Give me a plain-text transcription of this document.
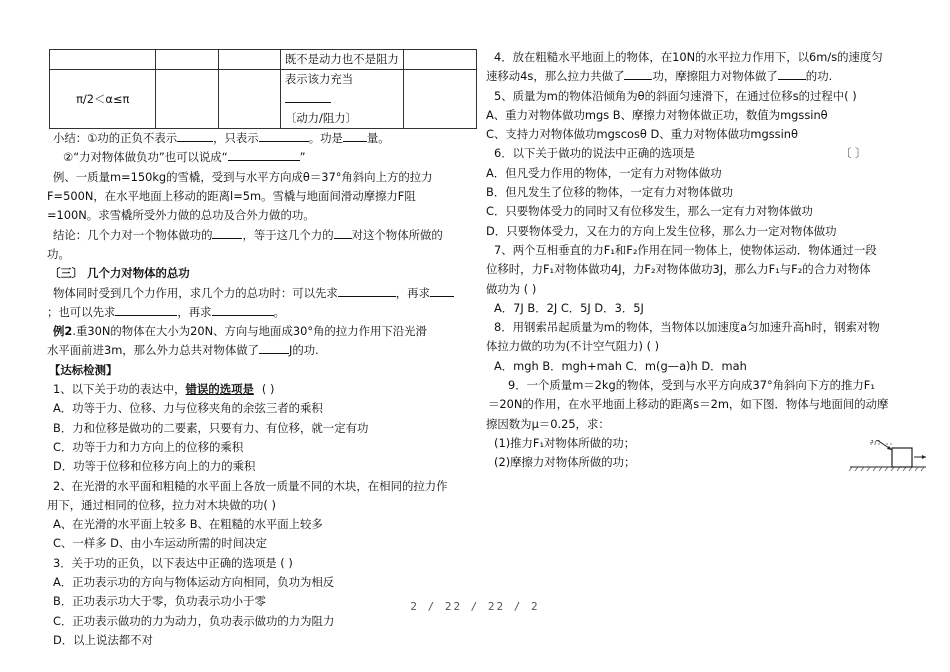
			既不是动力也不是阻力	
π/2＜α≤π			表示该力充当
〔动力/阻力〕	

小结：①功的正负不表示	，只表示	。功是 量。
②“力对物体做负功”也可以说成“	”
例、一质量m=150kg的雪橇，受到与水平方向成θ＝37°角斜向上方的拉力
F=500N，在水平地面上移动的距离l=5m。雪橇与地面间滑动摩擦力F阻
=100N。求雪橇所受外力做的总功及合外力做的功。
结论：几个力对一个物体做功的	，等于这几个力的 对这个物体所做的
功。
〔三〕 几个力对物体的总功
物体同时受到几个力作用，求几个力的总功时：可以先求	，再求
；也可以先求	，再求	。
例2.重30N的物体在大小为20N、方向与地面成30°角的拉力作用下沿光滑
水平面前进3m，那么外力总共对物体做了	J的功.
【达标检测】
1、以下关于功的表达中，错误的选项是 ( )
A．功等于力、位移、力与位移夹角的余弦三者的乘积
B．力和位移是做功的二要素，只要有力、有位移，就一定有功
C．功等于力和力方向上的位移的乘积
D．功等于位移和位移方向上的力的乘积
2、在光滑的水平面和粗糙的水平面上各放一质量不同的木块，在相同的拉力作
用下，通过相同的位移，拉力对木块做的功( )
A、在光滑的水平面上较多 B、在粗糙的水平面上较多
C、一样多 D、由小车运动所需的时间决定
3．关于功的正负，以下表达中正确的选项是 ( )
A．正功表示功的方向与物体运动方向相同，负功为相反
B．正功表示功大于零，负功表示功小于零
C．正功表示做功的力为动力，负功表示做功的力为阻力
D．以上说法都不对
4．放在粗糙水平地面上的物体，在10N的水平拉力作用下，以6m/s的速度匀
速移动4s，那么拉力共做了 功，摩擦阻力对物体做了 的功.
5、质量为m的物体沿倾角为θ的斜面匀速滑下，在通过位移s的过程中( )
A、重力对物体做功mgs B、摩擦力对物体做正功，数值为mgssinθ
C、支持力对物体做功mgscosθ D、重力对物体做功mgssinθ
6．以下关于做功的说法中正确的选项是	〔 〕
A．但凡受力作用的物体，一定有力对物体做功
B．但凡发生了位移的物体，一定有力对物体做功
C．只要物体受力的同时又有位移发生，那么一定有力对物体做功
D．只要物体受力，又在力的方向上发生位移，那么力一定对物体做功
7、两个互相垂直的力F₁和F₂作用在同一物体上，使物体运动．物体通过一段
位移时，力F₁对物体做功4J，力F₂对物体做功3J，那么力F₁与F₂的合力对物体
做功为 ( )
A．7J B．2J C．5J D．3．5J
8．用钢索吊起质量为m的物体，当物体以加速度a匀加速升高h时，钢索对物
体拉力做的功为(不计空气阻力) ( )
A．mgh B．mgh+mah C．m(g—a)h D．mah
9．一个质量m＝2kg的物体，受到与水平方向成37°角斜向下方的推力F₁
＝20N的作用，在水平地面上移动的距离s＝2m，如下图．物体与地面间的动摩
擦因数为μ＝0.25，求：
(1)推力F₁对物体所做的功；
(2)摩擦力对物体所做的功；
37°
2 / 22 / 22 / 2
